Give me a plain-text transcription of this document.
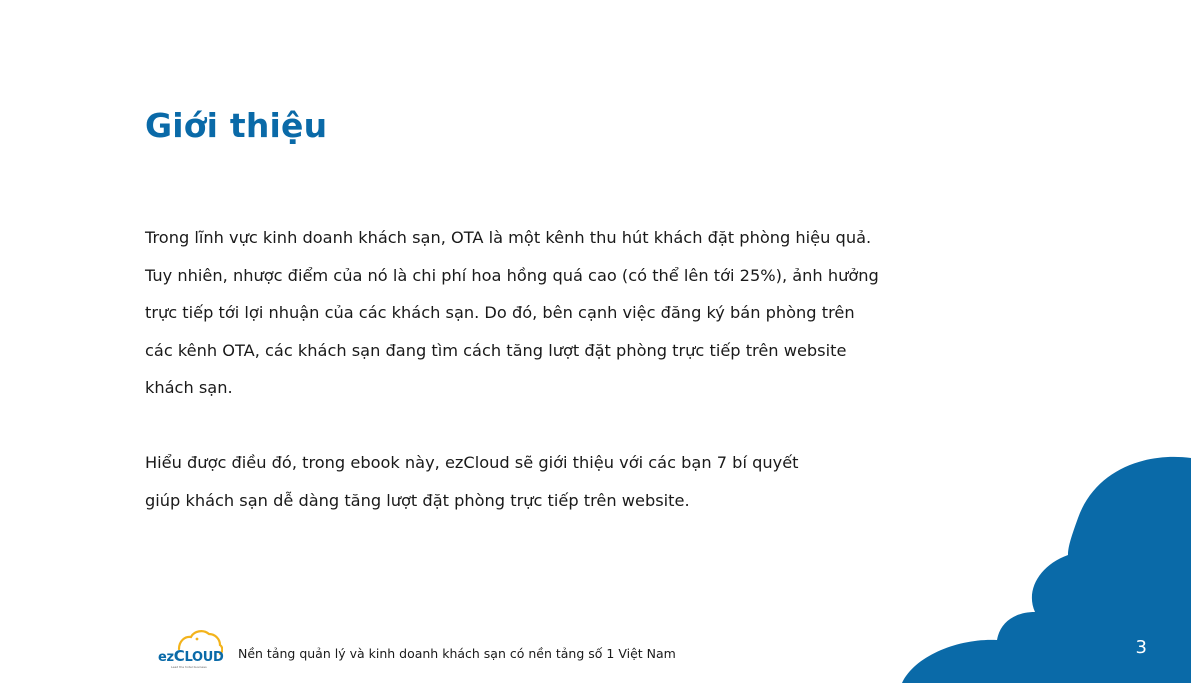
Giới thiệu

Trong lĩnh vực kinh doanh khách sạn, OTA là một kênh thu hút khách đặt phòng hiệu quả.
Tuy nhiên, nhược điểm của nó là chi phí hoa hồng quá cao (có thể lên tới 25%), ảnh hưởng
trực tiếp tới lợi nhuận của các khách sạn. Do đó, bên cạnh việc đăng ký bán phòng trên
các kênh OTA, các khách sạn đang tìm cách tăng lượt đặt phòng trực tiếp trên website
khách sạn.

Hiểu được điều đó, trong ebook này, ezCloud sẽ giới thiệu với các bạn 7 bí quyết
giúp khách sạn dễ dàng tăng lượt đặt phòng trực tiếp trên website.

ezCLOUD
Lead the hotel business
Nền tảng quản lý và kinh doanh khách sạn có nền tảng số 1 Việt Nam	3
